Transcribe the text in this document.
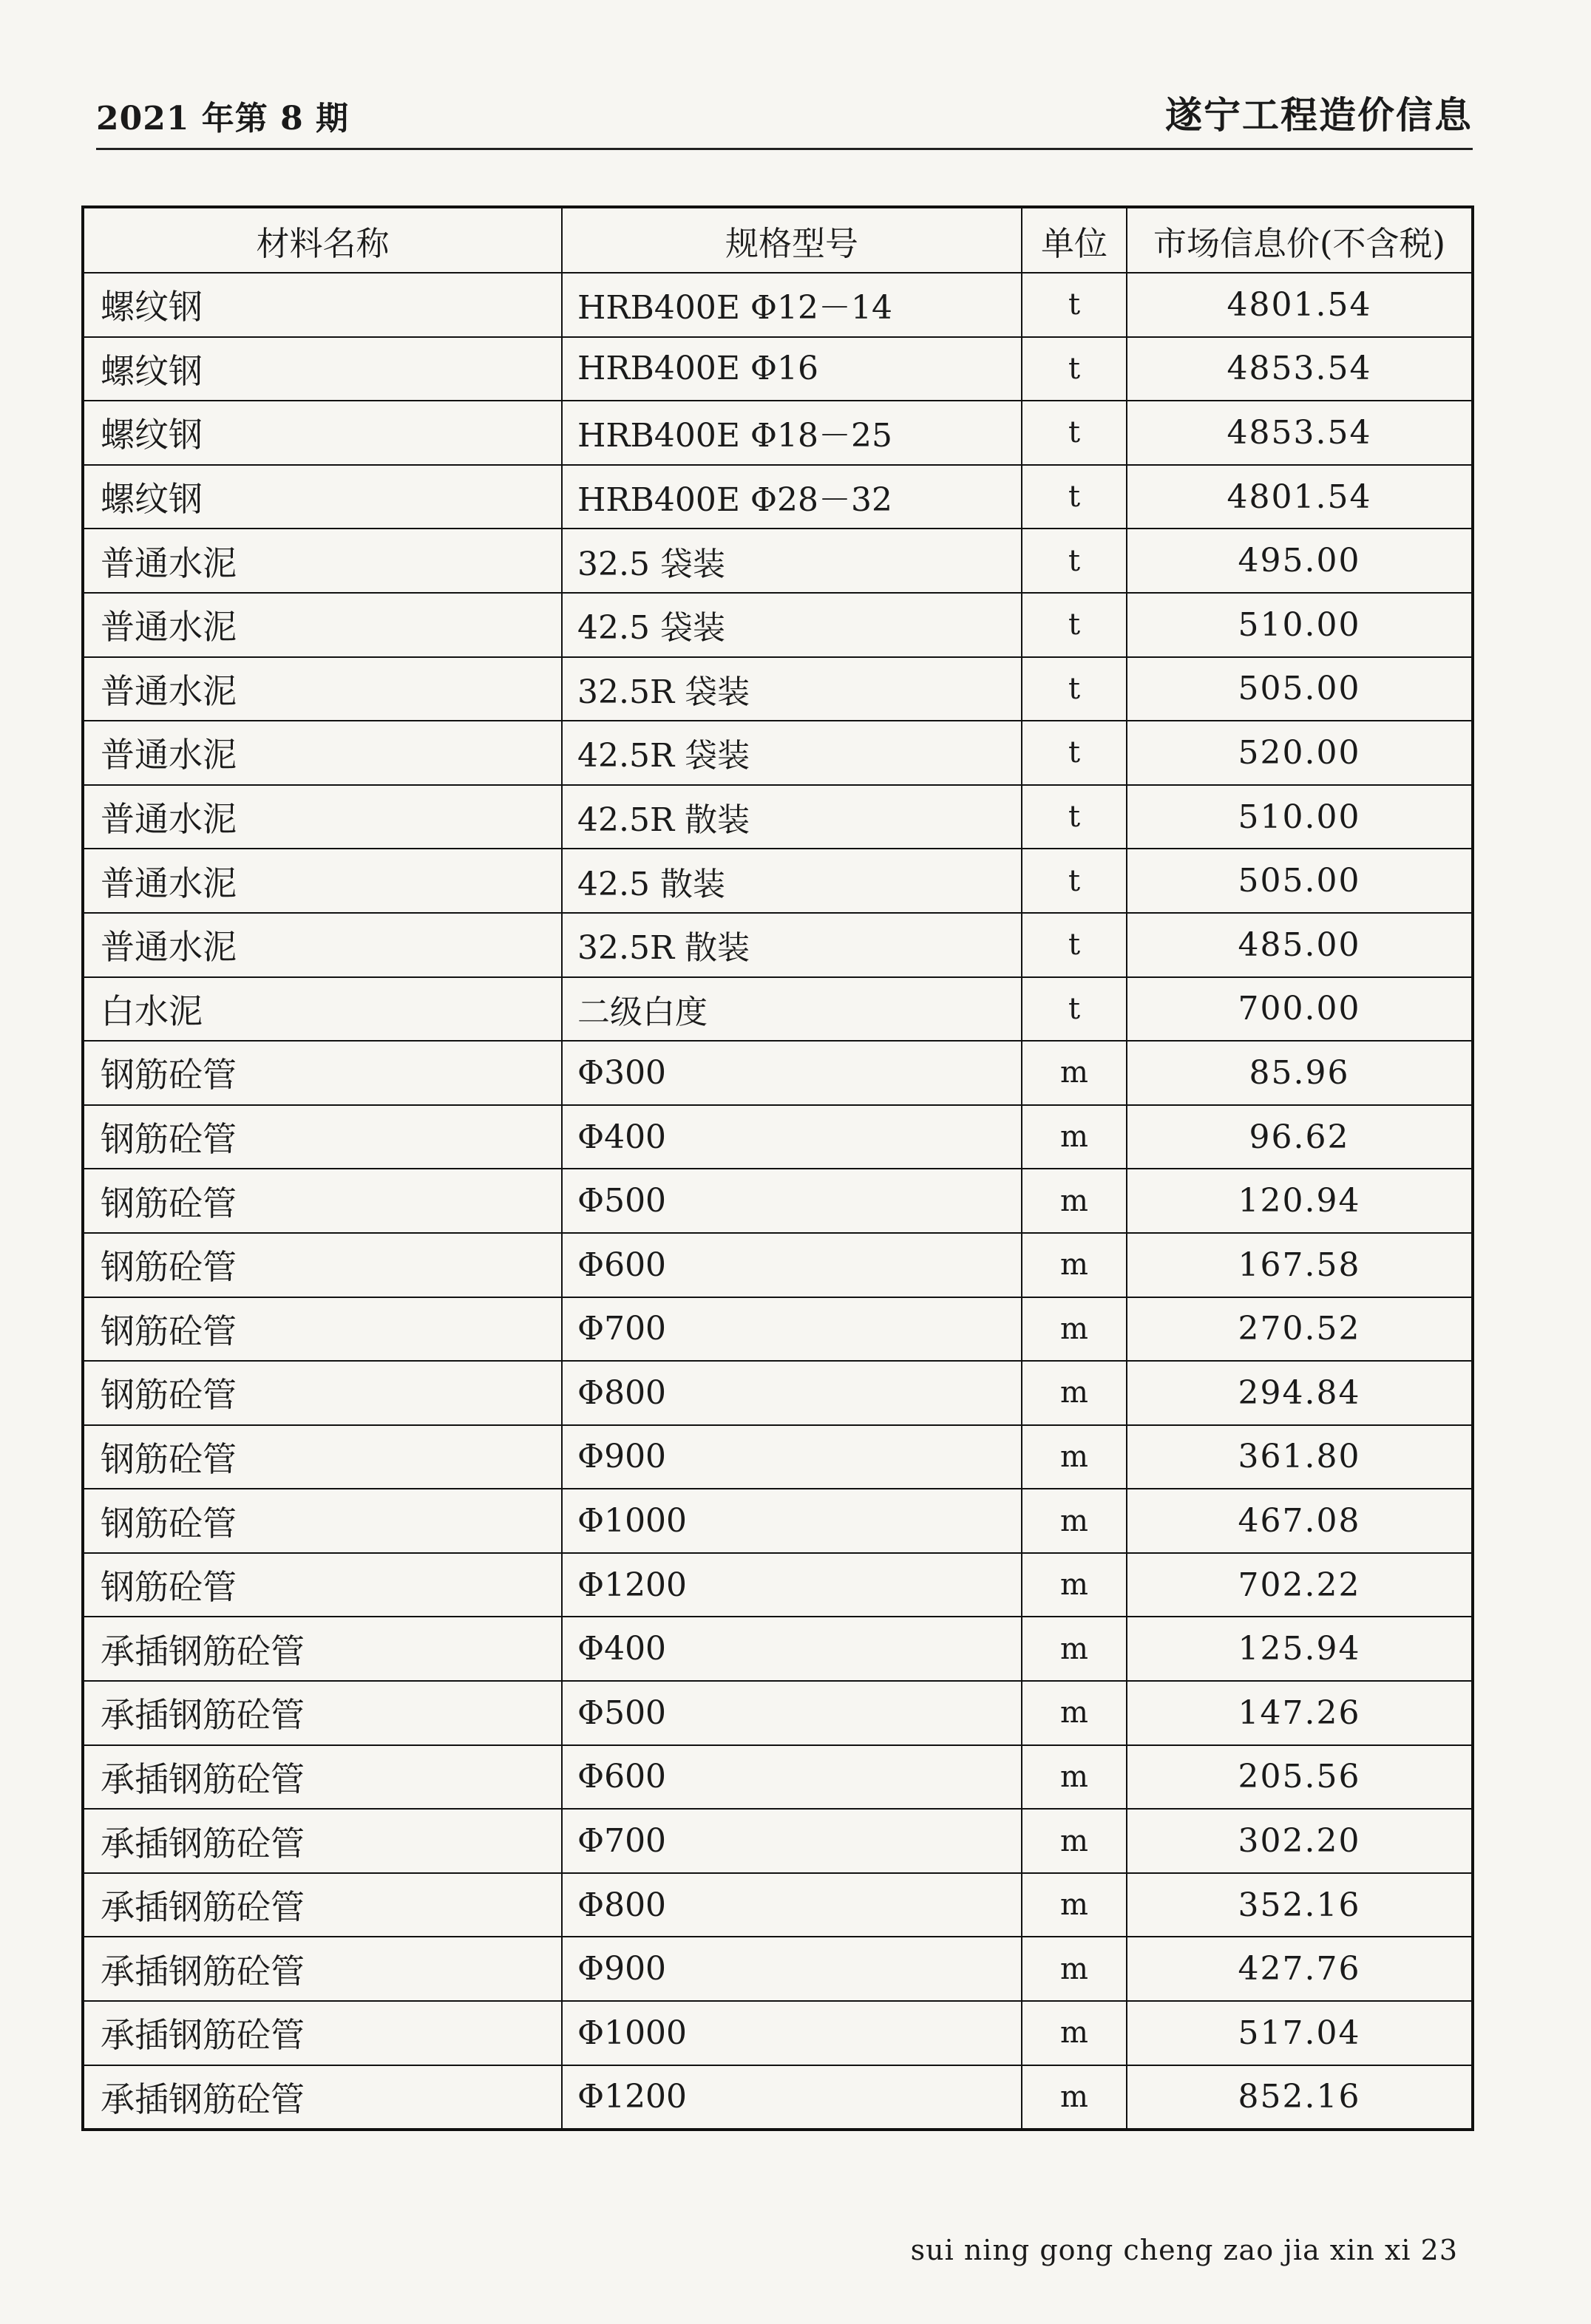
2021 年第 8 期	遂宁工程造价信息
材料名称	规格型号	单位	市场信息价(不含税)
螺纹钢	HRB400E Φ12－14	t	4801.54
螺纹钢	HRB400E Φ16	t	4853.54
螺纹钢	HRB400E Φ18－25	t	4853.54
螺纹钢	HRB400E Φ28－32	t	4801.54
普通水泥	32.5 袋装	t	495.00
普通水泥	42.5 袋装	t	510.00
普通水泥	32.5R 袋装	t	505.00
普通水泥	42.5R 袋装	t	520.00
普通水泥	42.5R 散装	t	510.00
普通水泥	42.5 散装	t	505.00
普通水泥	32.5R 散装	t	485.00
白水泥	二级白度	t	700.00
钢筋砼管	Φ300	m	85.96
钢筋砼管	Φ400	m	96.62
钢筋砼管	Φ500	m	120.94
钢筋砼管	Φ600	m	167.58
钢筋砼管	Φ700	m	270.52
钢筋砼管	Φ800	m	294.84
钢筋砼管	Φ900	m	361.80
钢筋砼管	Φ1000	m	467.08
钢筋砼管	Φ1200	m	702.22
承插钢筋砼管	Φ400	m	125.94
承插钢筋砼管	Φ500	m	147.26
承插钢筋砼管	Φ600	m	205.56
承插钢筋砼管	Φ700	m	302.20
承插钢筋砼管	Φ800	m	352.16
承插钢筋砼管	Φ900	m	427.76
承插钢筋砼管	Φ1000	m	517.04
承插钢筋砼管	Φ1200	m	852.16
sui ning gong cheng zao jia xin xi 23
